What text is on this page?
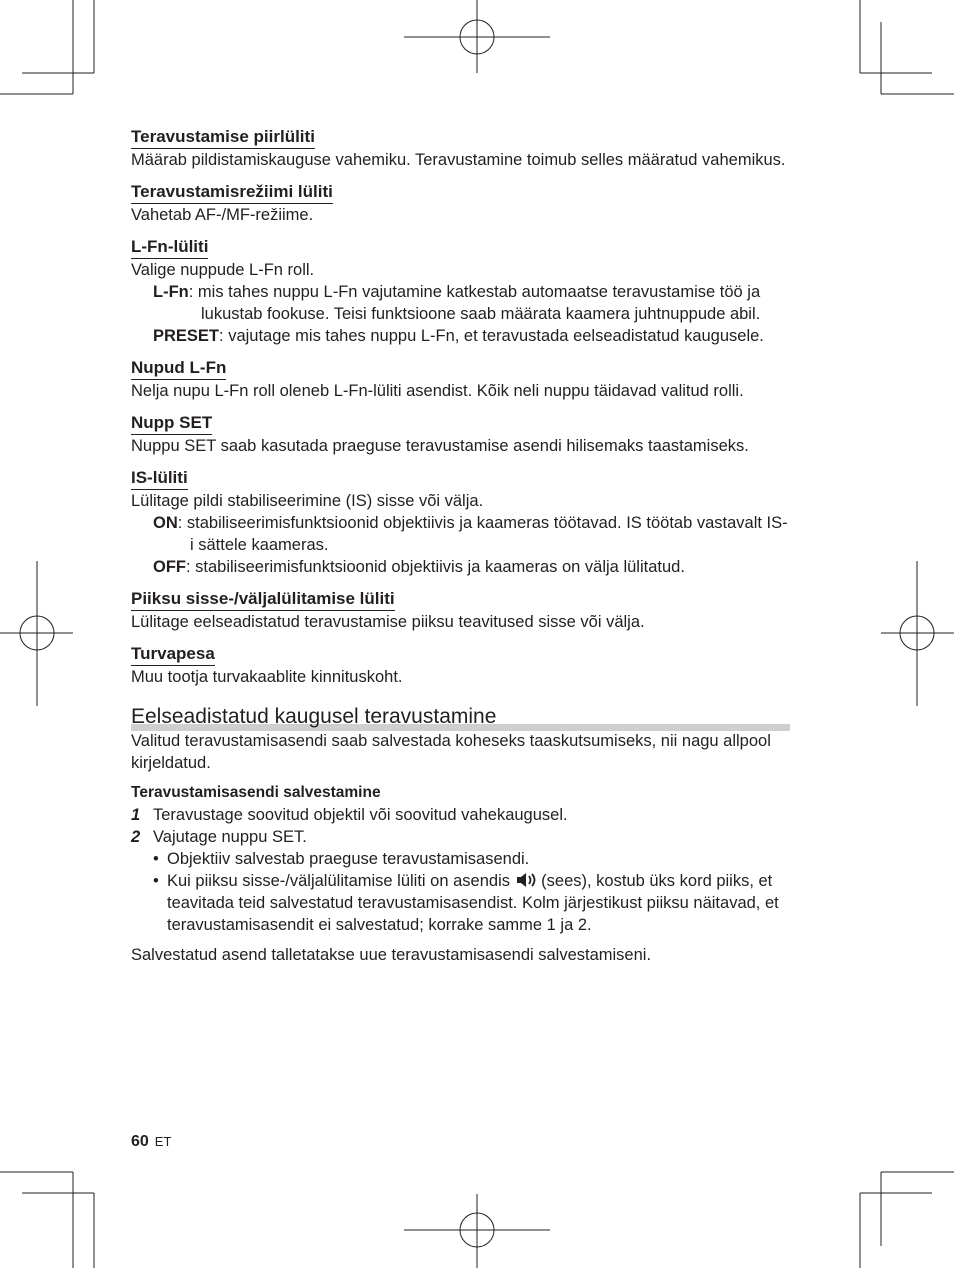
Teravustamise piirlüliti
Määrab pildistamiskauguse vahemiku. Teravustamine toimub selles määratud vahemikus.
Teravustamisrežiimi lüliti
Vahetab AF-/MF-režiime.
L-Fn-lüliti
Valige nuppude L-Fn roll.
L-Fn: mis tahes nuppu L-Fn vajutamine katkestab automaatse teravustamise töö ja lukustab fookuse. Teisi funktsioone saab määrata kaamera juhtnuppude abil.
PRESET: vajutage mis tahes nuppu L-Fn, et teravustada eelseadistatud kaugusele.
Nupud L-Fn
Nelja nupu L-Fn roll oleneb L-Fn-lüliti asendist. Kõik neli nuppu täidavad valitud rolli.
Nupp SET
Nuppu SET saab kasutada praeguse teravustamise asendi hilisemaks taastamiseks.
IS-lüliti
Lülitage pildi stabiliseerimine (IS) sisse või välja.
ON: stabiliseerimisfunktsioonid objektiivis ja kaameras töötavad. IS töötab vastavalt IS-i sättele kaameras.
OFF: stabiliseerimisfunktsioonid objektiivis ja kaameras on välja lülitatud.
Piiksu sisse-/väljalülitamise lüliti
Lülitage eelseadistatud teravustamise piiksu teavitused sisse või välja.
Turvapesa
Muu tootja turvakaablite kinnituskoht.
Eelseadistatud kaugusel teravustamine
Valitud teravustamisasendi saab salvestada koheseks taaskutsumiseks, nii nagu allpool kirjeldatud.
Teravustamisasendi salvestamine
1 Teravustage soovitud objektil või soovitud vahekaugusel.
2 Vajutage nuppu SET.
• Objektiiv salvestab praeguse teravustamisasendi.
• Kui piiksu sisse-/väljalülitamise lüliti on asendis (sees), kostub üks kord piiks, et teavitada teid salvestatud teravustamisasendist. Kolm järjestikust piiksu näitavad, et teravustamisasendit ei salvestatud; korrake samme 1 ja 2.
Salvestatud asend talletatakse uue teravustamisasendi salvestamiseni.
60 ET
